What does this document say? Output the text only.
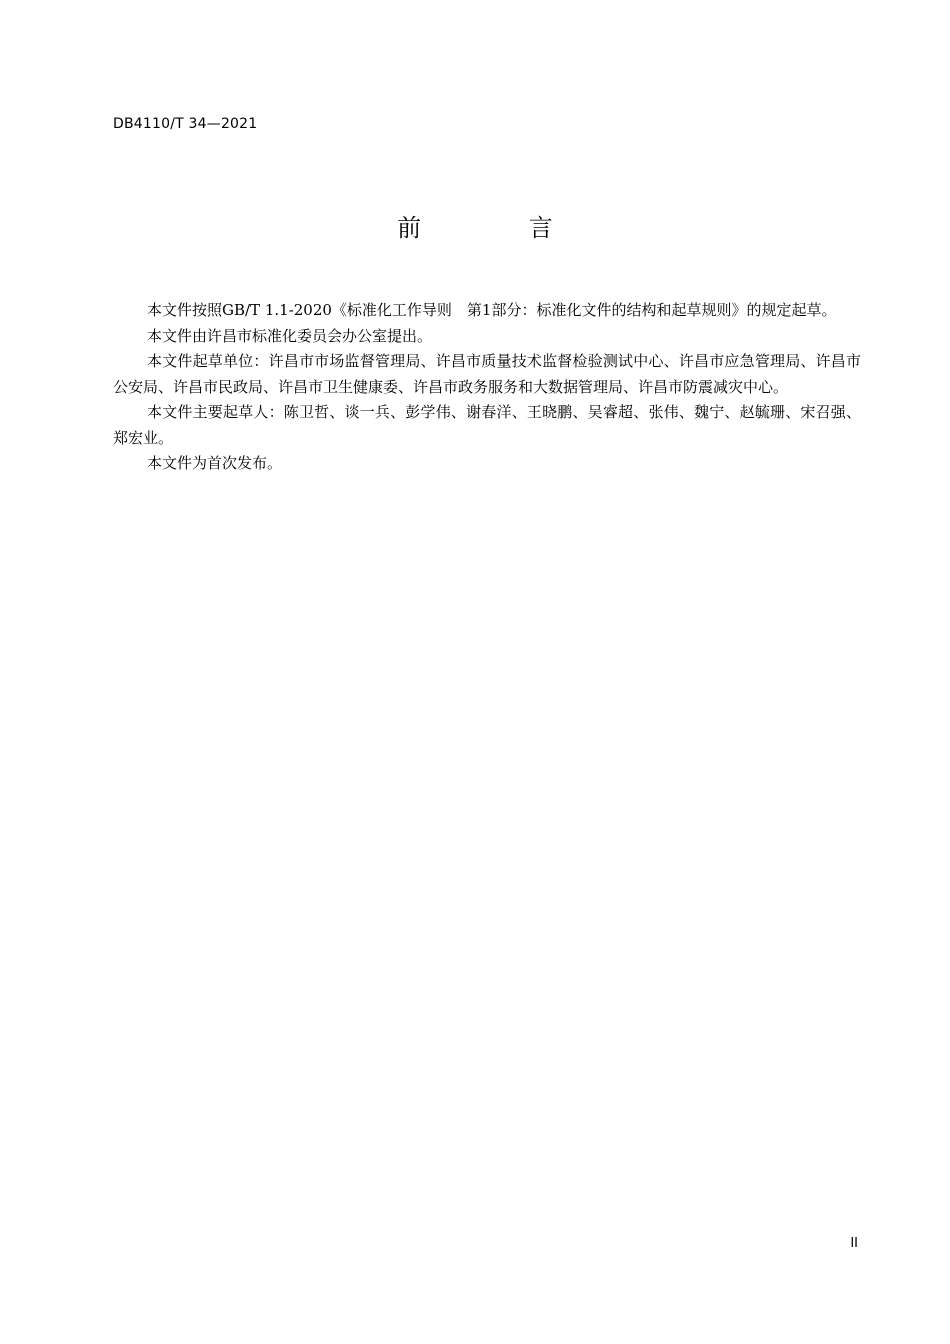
DB4110/T 34—2021
前 言

本文件按照GB/T 1.1-2020《标准化工作导则　第1部分：标准化文件的结构和起草规则》的规定起草。

本文件由许昌市标准化委员会办公室提出。

本文件起草单位：许昌市市场监督管理局、许昌市质量技术监督检验测试中心、许昌市应急管理局、许昌市公安局、许昌市民政局、许昌市卫生健康委、许昌市政务服务和大数据管理局、许昌市防震减灾中心。

本文件主要起草人：陈卫哲、谈一兵、彭学伟、谢春洋、王晓鹏、吴睿超、张伟、魏宁、赵毓珊、宋召强、郑宏业。

本文件为首次发布。

II
